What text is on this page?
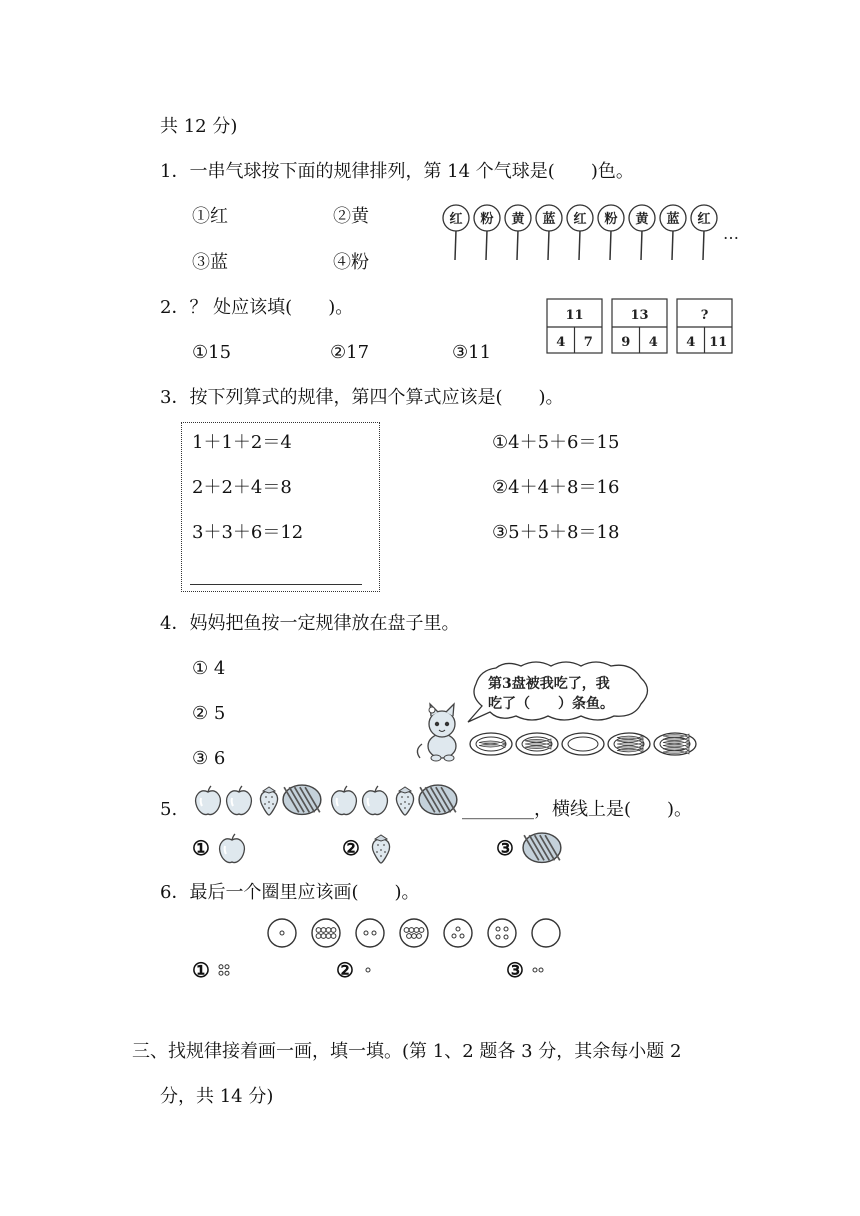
共 12 分)
1．一串气球按下面的规律排列，第 14 个气球是(　　)色。
①红	②黄
③蓝	④粉
红 粉 黄 蓝 红 粉 黄 蓝 红
…
2．？ 处应该填(　　)。
①15	②17	③11
11
4 7
13
9 4
?
4 11
3．按下列算式的规律，第四个算式应该是(　　)。
1＋1＋2＝4
2＋2＋4＝8
3＋3＋6＝12
①4＋5＋6＝15
②4＋4＋8＝16
③5＋5＋8＝18
4．妈妈把鱼按一定规律放在盘子里。
① 4
② 5
③ 6
第3盘被我吃了，我
吃了（　　）条鱼。
5.	________，横线上是(　　)。
①	②	③
6．最后一个圈里应该画(　　)。
①	②	③
三、找规律接着画一画，填一填。(第 1、2 题各 3 分，其余每小题 2
分，共 14 分)
